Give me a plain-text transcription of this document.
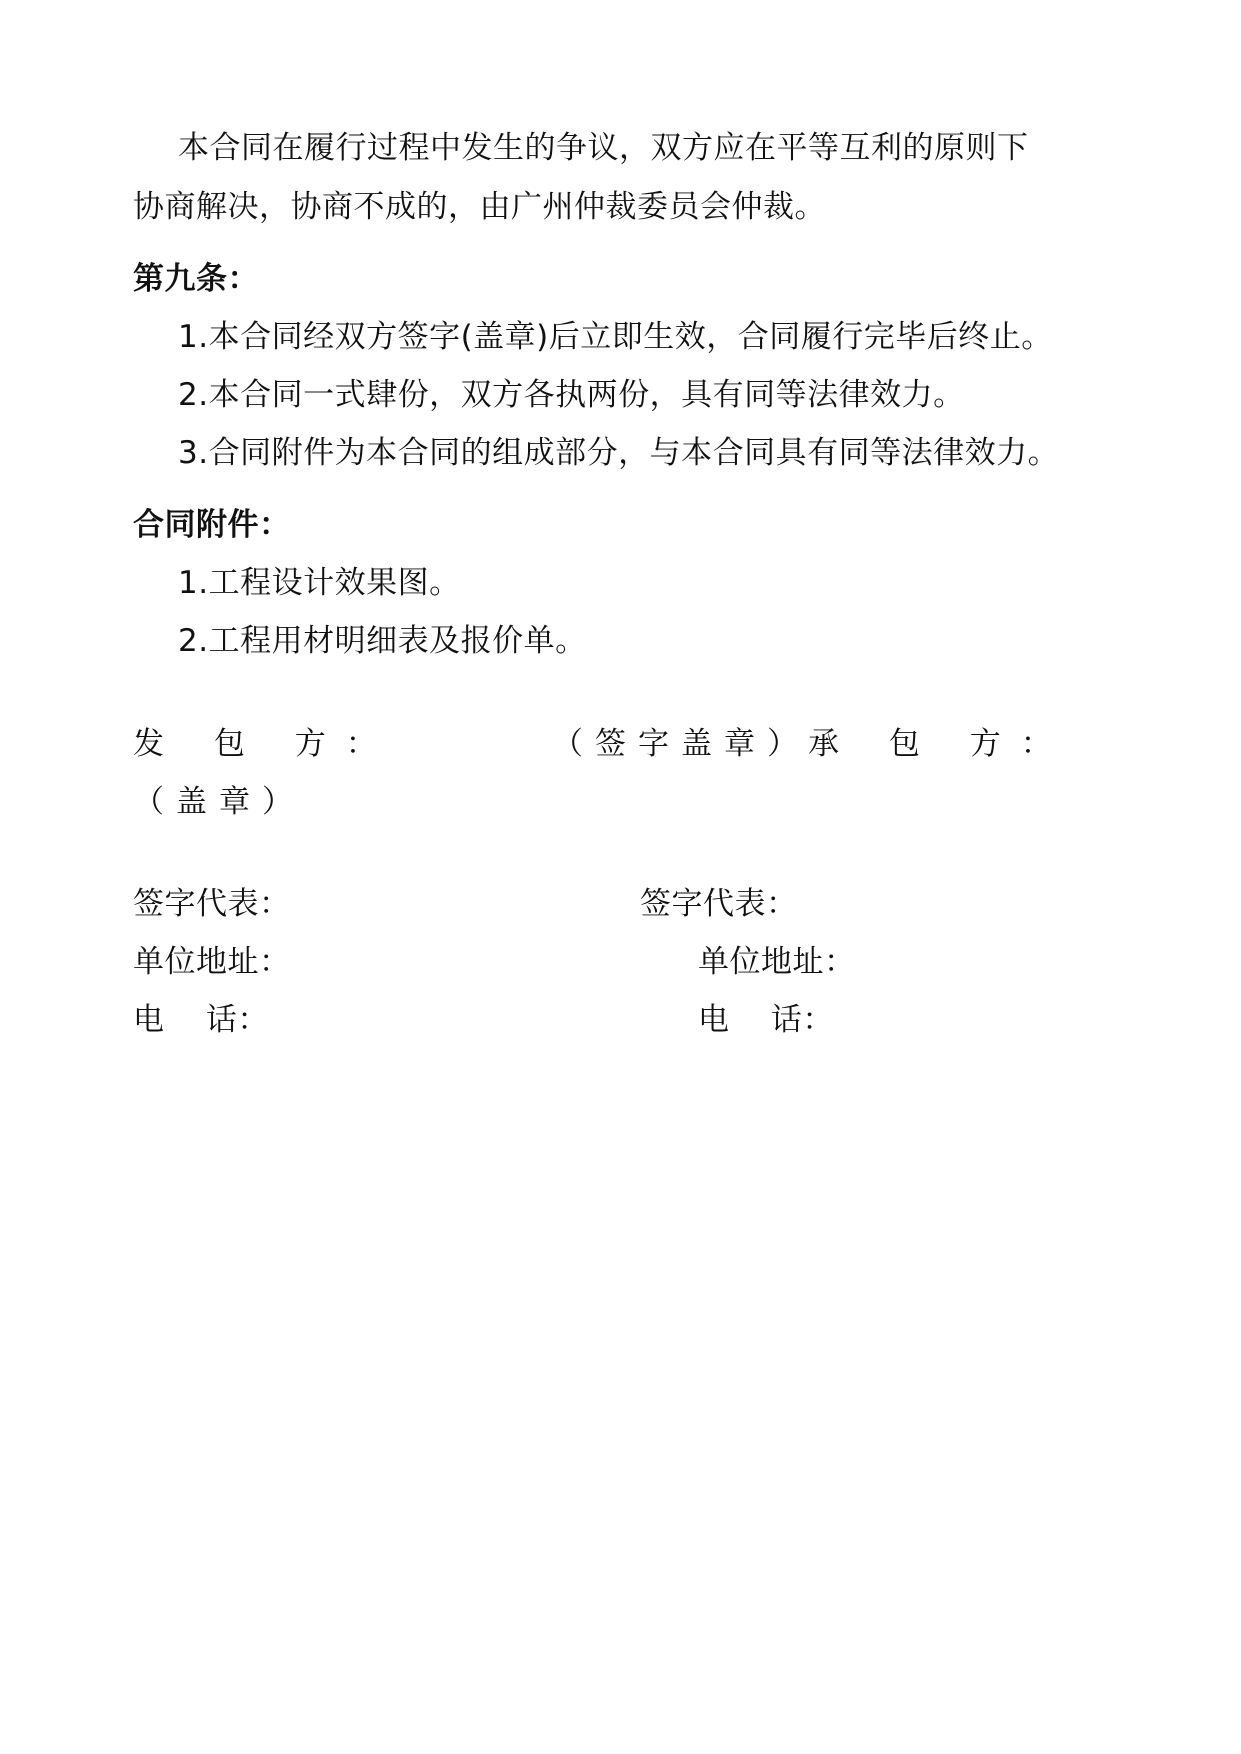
本合同在履行过程中发生的争议，双方应在平等互利的原则下
协商解决，协商不成的，由广州仲裁委员会仲裁。
第九条：
1.本合同经双方签字(盖章)后立即生效，合同履行完毕后终止。
2.本合同一式肆份，双方各执两份，具有同等法律效力。
3.合同附件为本合同的组成部分，与本合同具有同等法律效力。
合同附件：
1.工程设计效果图。
2.工程用材明细表及报价单。
发 包 方：	（签字盖章）
承 包 方：
（盖章）
签字代表：	签字代表：
单位地址：	单位地址：
电    话：	电    话：
